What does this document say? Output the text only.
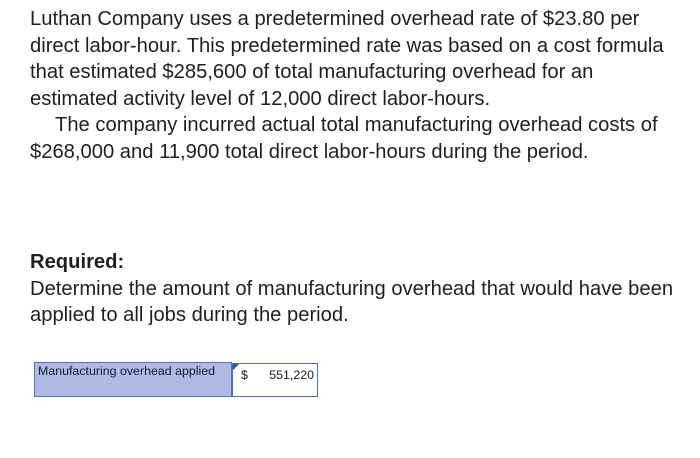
Luthan Company uses a predetermined overhead rate of $23.80 per direct labor-hour. This predetermined rate was based on a cost formula that estimated $285,600 of total manufacturing overhead for an estimated activity level of 12,000 direct labor-hours.

The company incurred actual total manufacturing overhead costs of $268,000 and 11,900 total direct labor-hours during the period.

Required:

Determine the amount of manufacturing overhead that would have been applied to all jobs during the period.

Manufacturing overhead applied	$ 551,220
